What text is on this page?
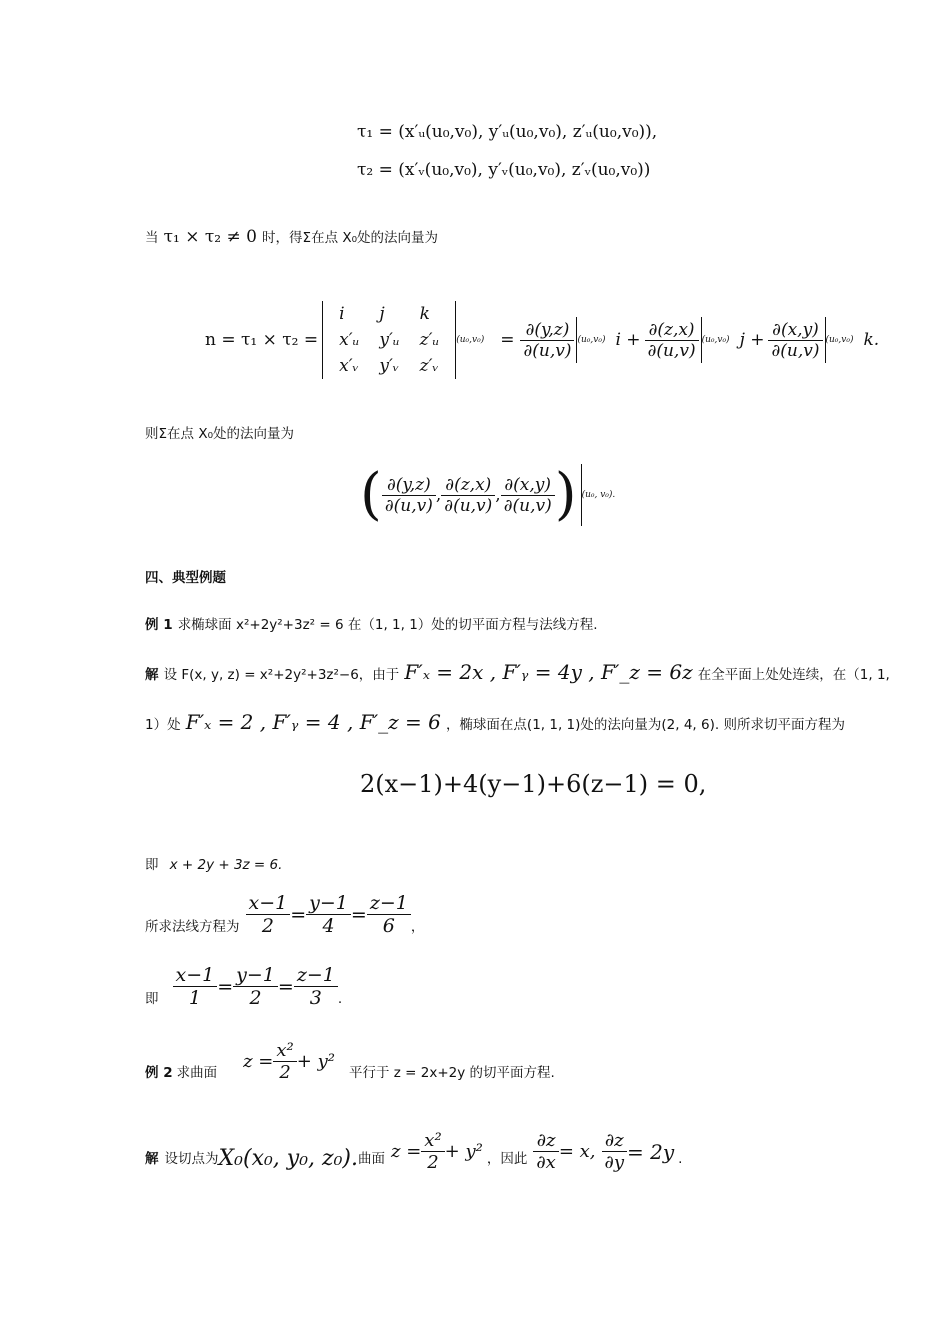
τ₁ = (x′ᵤ(u₀,v₀), y′ᵤ(u₀,v₀), z′ᵤ(u₀,v₀)),
τ₂ = (x′ᵥ(u₀,v₀), y′ᵥ(u₀,v₀), z′ᵥ(u₀,v₀))
当 τ₁ × τ₂ ≠ 0 时，得Σ在点 X₀处的法向量为
n = τ₁ × τ₂ =
i	j	k
x′ᵤ	y′ᵤ	z′ᵤ
x′ᵥ	y′ᵥ	z′ᵥ
$(u_0,v_0) = \frac{\partial(y,z)}{\partial(u,v)} (u_0,v_0) i + \frac{\partial(z,x)}{\partial(u,v)} (u_0,v_0) j + \frac{\partial(x,y)}{\partial(u,v)} (u_0,v_0)$ k.
则Σ在点 X₀处的法向量为
( $\frac{\partial(y,z)}{\partial(u,v)}$ , $\frac{\partial(z,x)}{\partial(u,v)}$ , $\frac{\partial(x,y)}{\partial(u,v)}$ ) (u₀, v₀).
四、典型例题
例 1 求椭球面 x²+2y²+3z² = 6 在（1, 1, 1）处的切平面方程与法线方程.
解 设 F(x, y, z) = x²+2y²+3z²−6，由于 F′ₓ = 2x , F′ᵧ = 4y , F′_z = 6z 在全平面上处处连续，在（1, 1,
1）处 F′ₓ = 2 , F′ᵧ = 4 , F′_z = 6 ，椭球面在点(1, 1, 1)处的法向量为(2, 4, 6). 则所求切平面方程为
2(x−1)+4(y−1)+6(z−1) = 0,
即 x + 2y + 3z = 6.
所求法线方程为 $\frac{x-1}{2} = \frac{y-1}{4} = \frac{z-1}{6}$ ，
即 $\frac{x-1}{1} = \frac{y-1}{2} = \frac{z-1}{3}$ .
例 2 求曲面
$z = \frac{\text{x²}}{2} + y^2$
平行于 z = 2x+2y 的切平面方程.
解 设切点为 X₀(x₀, y₀, z₀). 曲面 $z = \frac{\text{x²}}{2} + y^2$ ，因此 $\frac{\partial z}{\partial x} = x$, $\frac{\partial z}{\partial y} = 2y$ .
